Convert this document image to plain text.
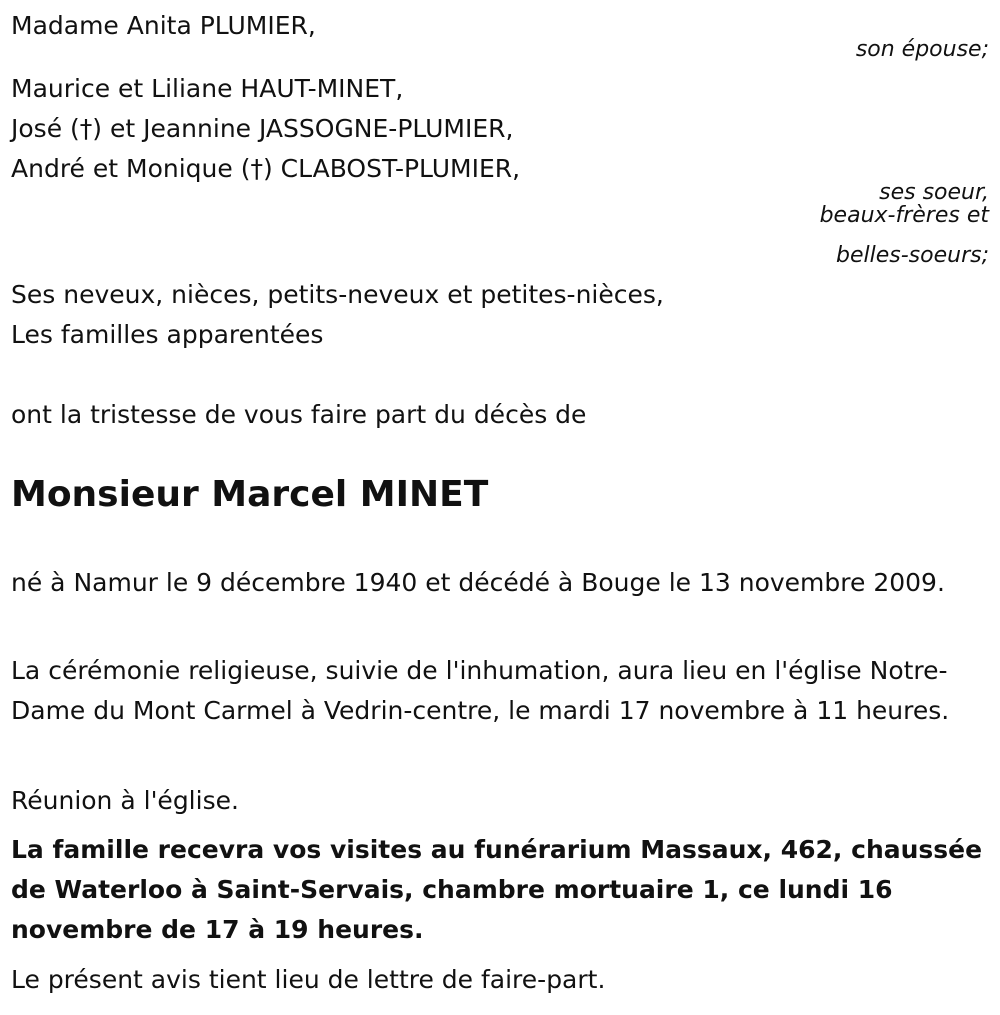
Madame Anita PLUMIER,

son épouse;

Maurice et Liliane HAUT-MINET,

José (†) et Jeannine JASSOGNE-PLUMIER,

André et Monique (†) CLABOST-PLUMIER,

ses soeur,

beaux-frères et

belles-soeurs;

Ses neveux, nièces, petits-neveux et petites-nièces,

Les familles apparentées

ont la tristesse de vous faire part du décès de

Monsieur Marcel MINET

né à Namur le 9 décembre 1940 et décédé à Bouge le 13 novembre 2009.

La cérémonie religieuse, suivie de l'inhumation, aura lieu en l'église Notre-Dame du Mont Carmel à Vedrin-centre, le mardi 17 novembre à 11 heures.

Réunion à l'église.

La famille recevra vos visites au funérarium Massaux, 462, chaussée de Waterloo à Saint-Servais, chambre mortuaire 1, ce lundi 16 novembre de 17 à 19 heures.

Le présent avis tient lieu de lettre de faire-part.
